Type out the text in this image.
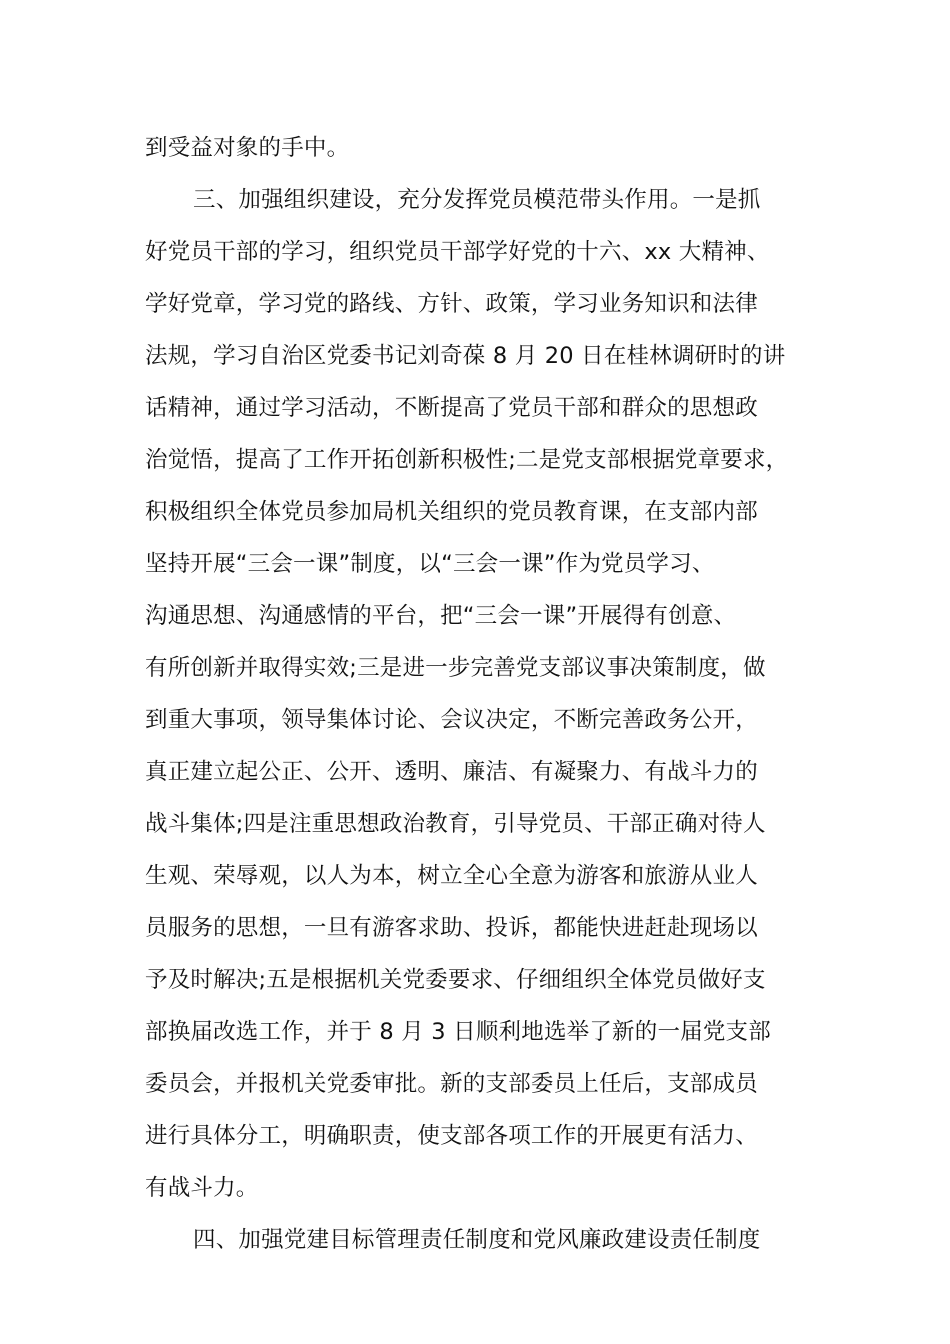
到受益对象的手中。

三、加强组织建设，充分发挥党员模范带头作用。一是抓

好党员干部的学习，组织党员干部学好党的十六、xx 大精神、

学好党章，学习党的路线、方针、政策，学习业务知识和法律

法规，学习自治区党委书记刘奇葆 8 月 20 日在桂林调研时的讲

话精神，通过学习活动，不断提高了党员干部和群众的思想政

治觉悟，提高了工作开拓创新积极性;二是党支部根据党章要求，

积极组织全体党员参加局机关组织的党员教育课，在支部内部

坚持开展“三会一课”制度，以“三会一课”作为党员学习、

沟通思想、沟通感情的平台，把“三会一课”开展得有创意、

有所创新并取得实效;三是进一步完善党支部议事决策制度，做

到重大事项，领导集体讨论、会议决定，不断完善政务公开，

真正建立起公正、公开、透明、廉洁、有凝聚力、有战斗力的

战斗集体;四是注重思想政治教育，引导党员、干部正确对待人

生观、荣辱观，以人为本，树立全心全意为游客和旅游从业人

员服务的思想，一旦有游客求助、投诉，都能快进赶赴现场以

予及时解决;五是根据机关党委要求、仔细组织全体党员做好支

部换届改选工作，并于 8 月 3 日顺利地选举了新的一届党支部

委员会，并报机关党委审批。新的支部委员上任后，支部成员

进行具体分工，明确职责，使支部各项工作的开展更有活力、

有战斗力。

四、加强党建目标管理责任制度和党风廉政建设责任制度
